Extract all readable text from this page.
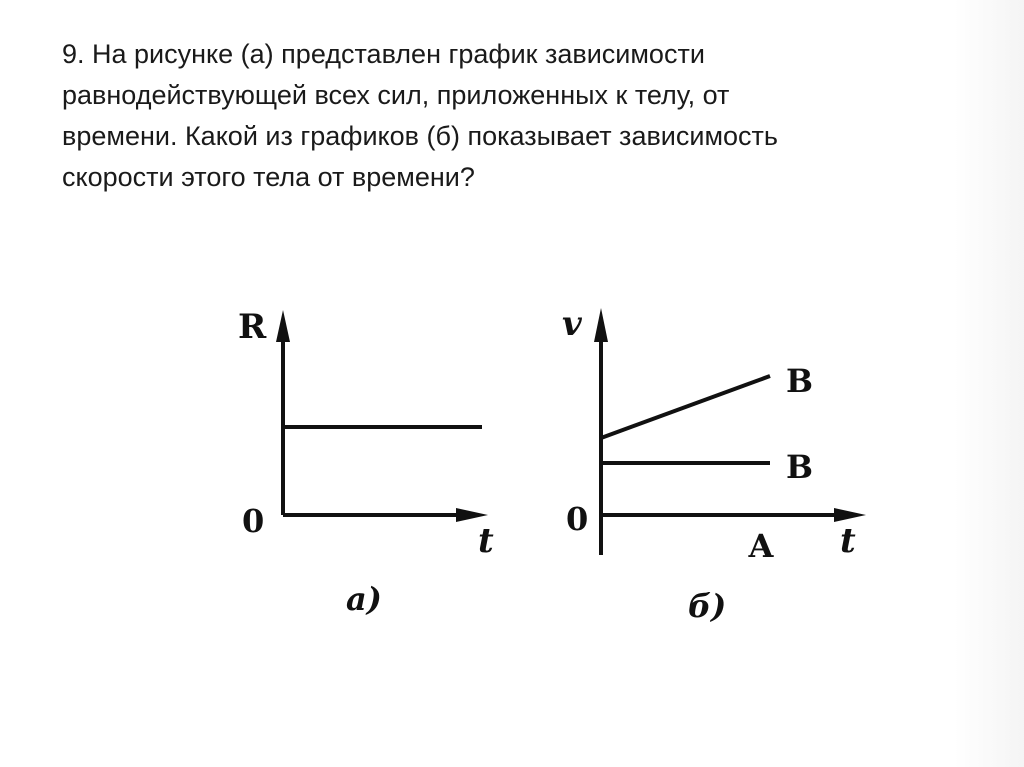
9. На рисунке (а) представлен график зависимости
равнодействующей всех сил, приложенных к телу, от
времени. Какой из графиков (б) показывает зависимость
скорости этого тела от времени?

R
0	t
а)
v
0
t
В
В
А
б)
